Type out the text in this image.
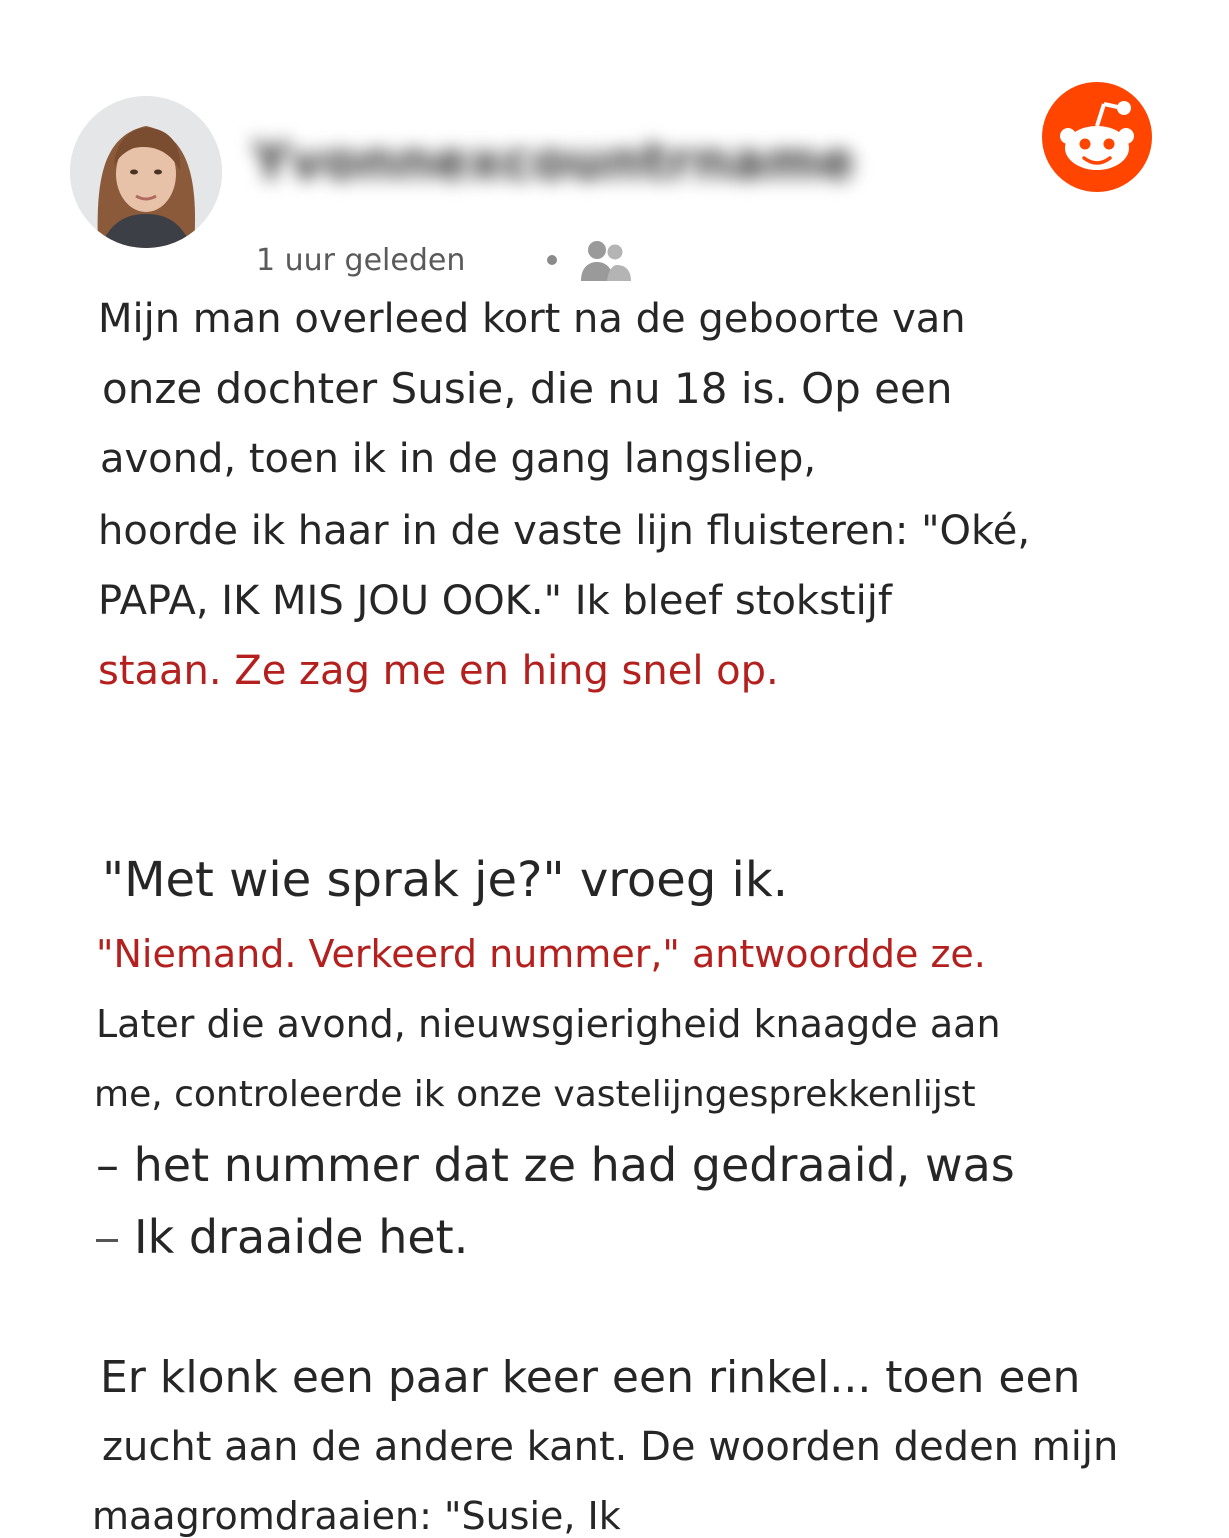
Yvonnexcountrname
1 uur geleden
Mijn man overleed kort na de geboorte van
onze dochter Susie, die nu 18 is. Op een
avond, toen ik in de gang langsliep,
hoorde ik haar in de vaste lijn fluisteren: "Oké,
PAPA, IK MIS JOU OOK." Ik bleef stokstijf
staan. Ze zag me en hing snel op.
"Met wie sprak je?" vroeg ik.
"Niemand. Verkeerd nummer," antwoordde ze.
Later die avond, nieuwsgierigheid knaagde aan
me, controleerde ik onze vastelijngesprekkenlijst
– het nummer dat ze had gedraaid, was
Ik draaide het.
Er klonk een paar keer een rinkel... toen een
zucht aan de andere kant. De woorden deden mijn
maagromdraaien: "Susie, Ik
